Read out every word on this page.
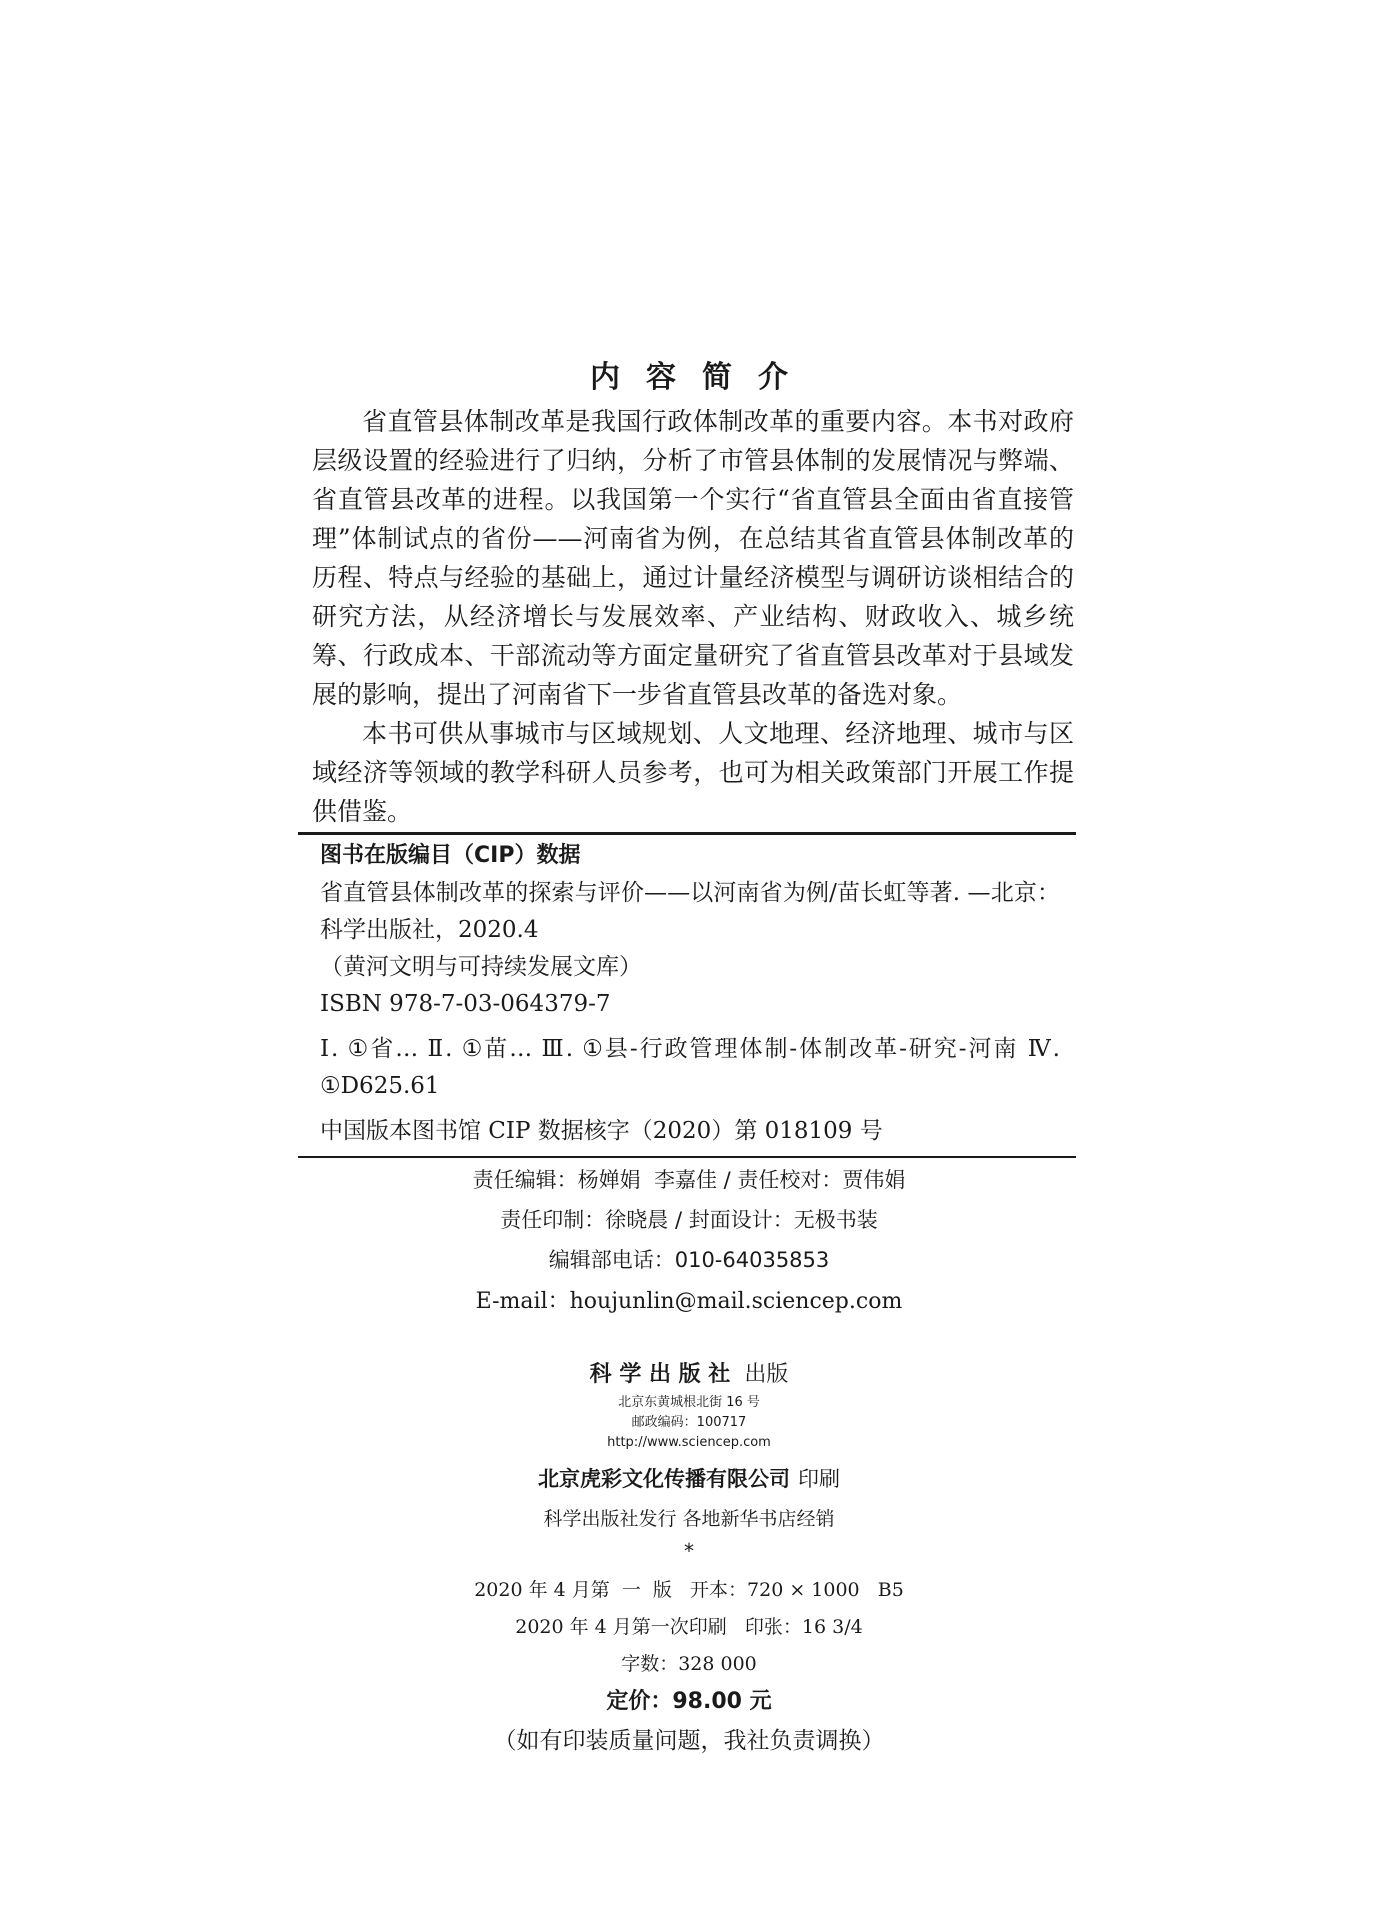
内容简介

省直管县体制改革是我国行政体制改革的重要内容。本书对政府层级设置的经验进行了归纳，分析了市管县体制的发展情况与弊端、省直管县改革的进程。以我国第一个实行“省直管县全面由省直接管理”体制试点的省份——河南省为例，在总结其省直管县体制改革的历程、特点与经验的基础上，通过计量经济模型与调研访谈相结合的研究方法，从经济增长与发展效率、产业结构、财政收入、城乡统筹、行政成本、干部流动等方面定量研究了省直管县改革对于县域发展的影响，提出了河南省下一步省直管县改革的备选对象。

本书可供从事城市与区域规划、人文地理、经济地理、城市与区域经济等领域的教学科研人员参考，也可为相关政策部门开展工作提供借鉴。

图书在版编目（CIP）数据
省直管县体制改革的探索与评价——以河南省为例/苗长虹等著. —北京：科学出版社，2020.4
（黄河文明与可持续发展文库）
ISBN 978-7-03-064379-7
Ⅰ. ①省… Ⅱ. ①苗… Ⅲ. ①县-行政管理体制-体制改革-研究-河南 Ⅳ. ①D625.61
中国版本图书馆 CIP 数据核字（2020）第 018109 号
责任编辑：杨婵娟  李嘉佳 / 责任校对：贾伟娟
责任印制：徐晓晨 / 封面设计：无极书装
编辑部电话：010-64035853
E-mail：houjunlin@mail.sciencep.com
科 学 出 版 社 出版
北京东黄城根北街 16 号
邮政编码：100717
http://www.sciencep.com
北京虎彩文化传播有限公司 印刷
科学出版社发行 各地新华书店经销
*
2020 年 4 月第  一  版   开本：720 × 1000   B5
2020 年 4 月第一次印刷   印张：16 3/4
字数：328 000
定价：98.00 元
（如有印装质量问题，我社负责调换）
